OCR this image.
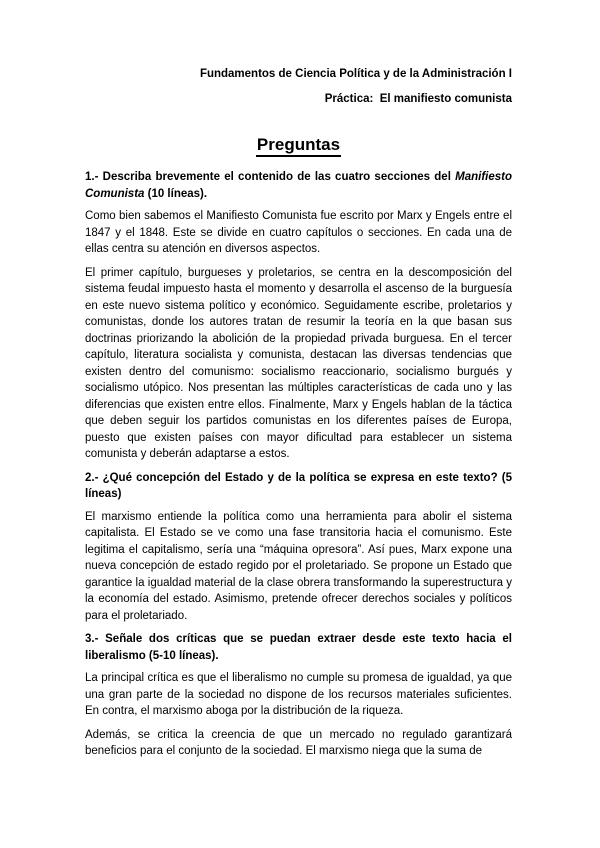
Fundamentos de Ciencia Política y de la Administración I

Práctica:  El manifiesto comunista

Preguntas
1.- Describa brevemente el contenido de las cuatro secciones del Manifiesto Comunista (10 líneas).

Como bien sabemos el Manifiesto Comunista fue escrito por Marx y Engels entre el 1847 y el 1848. Este se divide en cuatro capítulos o secciones. En cada una de ellas centra su atención en diversos aspectos.

El primer capítulo, burgueses y proletarios, se centra en la descomposición del sistema feudal impuesto hasta el momento y desarrolla el ascenso de la burguesía en este nuevo sistema político y económico. Seguidamente escribe, proletarios y comunistas, donde los autores tratan de resumir la teoría en la que basan sus doctrinas priorizando la abolición de la propiedad privada burguesa. En el tercer capítulo, literatura socialista y comunista, destacan las diversas tendencias que existen dentro del comunismo: socialismo reaccionario, socialismo burgués y socialismo utópico. Nos presentan las múltiples características de cada uno y las diferencias que existen entre ellos. Finalmente, Marx y Engels hablan de la táctica que deben seguir los partidos comunistas en los diferentes países de Europa, puesto que existen países con mayor dificultad para establecer un sistema comunista y deberán adaptarse a estos.

2.- ¿Qué concepción del Estado y de la política se expresa en este texto? (5 líneas)

El marxismo entiende la política como una herramienta para abolir el sistema capitalista. El Estado se ve como una fase transitoria hacia el comunismo. Este legitima el capitalismo, sería una “máquina opresora”. Así pues, Marx expone una nueva concepción de estado regido por el proletariado. Se propone un Estado que garantice la igualdad material de la clase obrera transformando la superestructura y la economía del estado. Asimismo, pretende ofrecer derechos sociales y políticos para el proletariado.

3.- Señale dos críticas que se puedan extraer desde este texto hacia el liberalismo (5-10 líneas).

La principal crítica es que el liberalismo no cumple su promesa de igualdad, ya que una gran parte de la sociedad no dispone de los recursos materiales suficientes. En contra, el marxismo aboga por la distribución de la riqueza.

Además, se critica la creencia de que un mercado no regulado garantizará beneficios para el conjunto de la sociedad. El marxismo niega que la suma de
